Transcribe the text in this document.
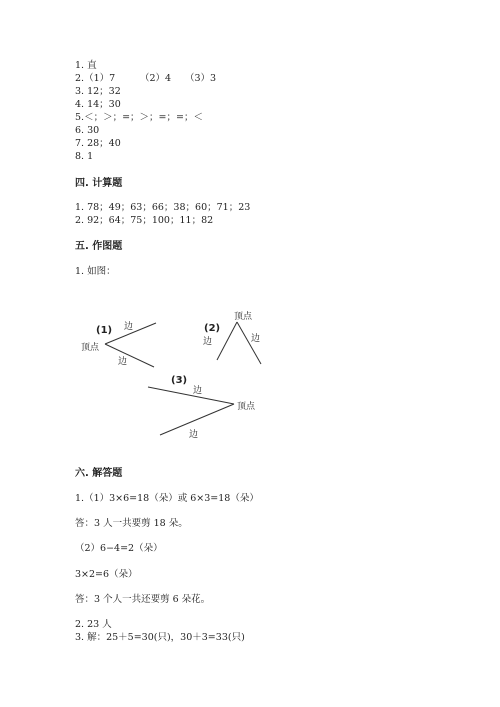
1. 直
2.（1）7	（2）4 （3）3
3. 12；32
4. 14；30
5.＜；＞；=；＞；=；=；＜
6. 30
7. 28；40
8. 1
四. 计算题
1. 78；49；63；66；38；60；71；23
2. 92；64；75；100；11；82
五. 作图题
1. 如图：
(1)
顶点
边
边
(2)
顶点
边	边
(3)
顶点
边
边
六. 解答题
1.（1）3×6=18（朵）或 6×3=18（朵）
答：3 人一共要剪 18 朵。
（2）6−4=2（朵）
3×2=6（朵）
答：3 个人一共还要剪 6 朵花。
2. 23 人
3. 解：25＋5=30(只)，30＋3=33(只)
